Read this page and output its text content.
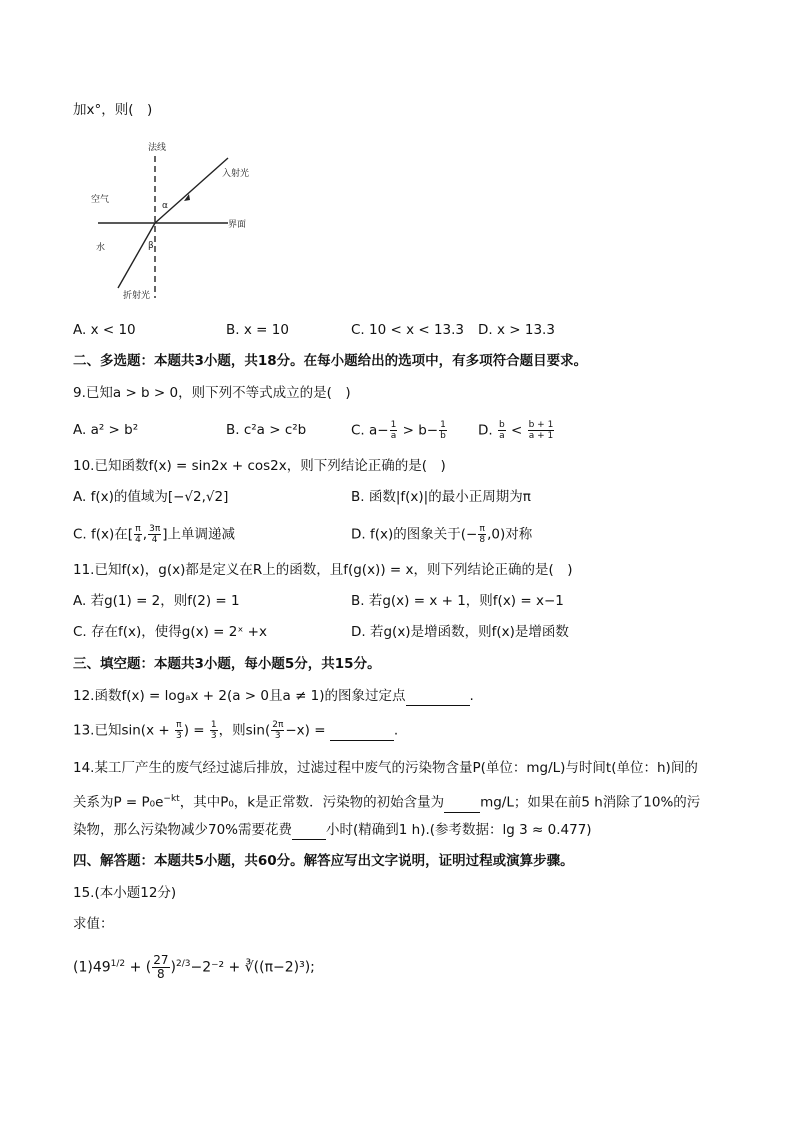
加x°，则(　)
法线
入射光
空气
界面
水
折射光
α
β
A. x < 10	B. x = 10	C. 10 < x < 13.3 D. x > 13.3
二、多选题：本题共3小题，共18分。在每小题给出的选项中，有多项符合题目要求。
9.已知a > b > 0，则下列不等式成立的是(　)
A. a² > b²	B. c²a > c²b	C. $a- \frac{1}{a} > b- \frac{1}{b} D$. $\frac{b}{a} < \frac{b + 1}{a + 1}$
10.已知函数f(x) = sin2x + cos2x，则下列结论正确的是(　)
A. f(x)的值域为[−√2,√2]	B. 函数|f(x)|的最小正周期为π
C. f(x)在[ $\frac{\pi}{4}$ , $\frac{3\pi}{4}$ ]上单调递减	D. f(x)的图象关于(− $\frac{\pi}{8} ,0$)对称
11.已知f(x)，g(x)都是定义在R上的函数，且f(g(x)) = x，则下列结论正确的是(　)
A. 若g(1) = 2，则f(2) = 1	B. 若g(x) = x + 1，则f(x) = x−1
C. 存在f(x)，使得g(x) = 2ˣ +x	D. 若g(x)是增函数，则f(x)是增函数
三、填空题：本题共3小题，每小题5分，共15分。
12.函数f(x) = logₐx + 2(a > 0且a ≠ 1)的图象过定点	.
13.已知$\sin(x + \frac{\pi}{3}$ ) = $\frac{1}{3}$ ，则$\sin( \frac{2\pi}{3} -x)$ =	.
14.某工厂产生的废气经过滤后排放，过滤过程中废气的污染物含量P(单位：mg/L)与时间t(单位：h)间的
关系为$P = P_0e^{-kt}$，其中P₀，k是正常数．污染物的初始含量为	mg/L；如果在前5 h消除了10%的污
染物，那么污染物减少70%需要花费	小时(精确到1 h).(参考数据：lg 3 ≈ 0.477)
四、解答题：本题共5小题，共60分。解答应写出文字说明，证明过程或演算步骤。
15.(本小题12分)
求值：
$(1)49^{1/2}$ + ( $\frac{27}{8} )^{2/3}-2^{-2}$ + ∛((π−2)³);
